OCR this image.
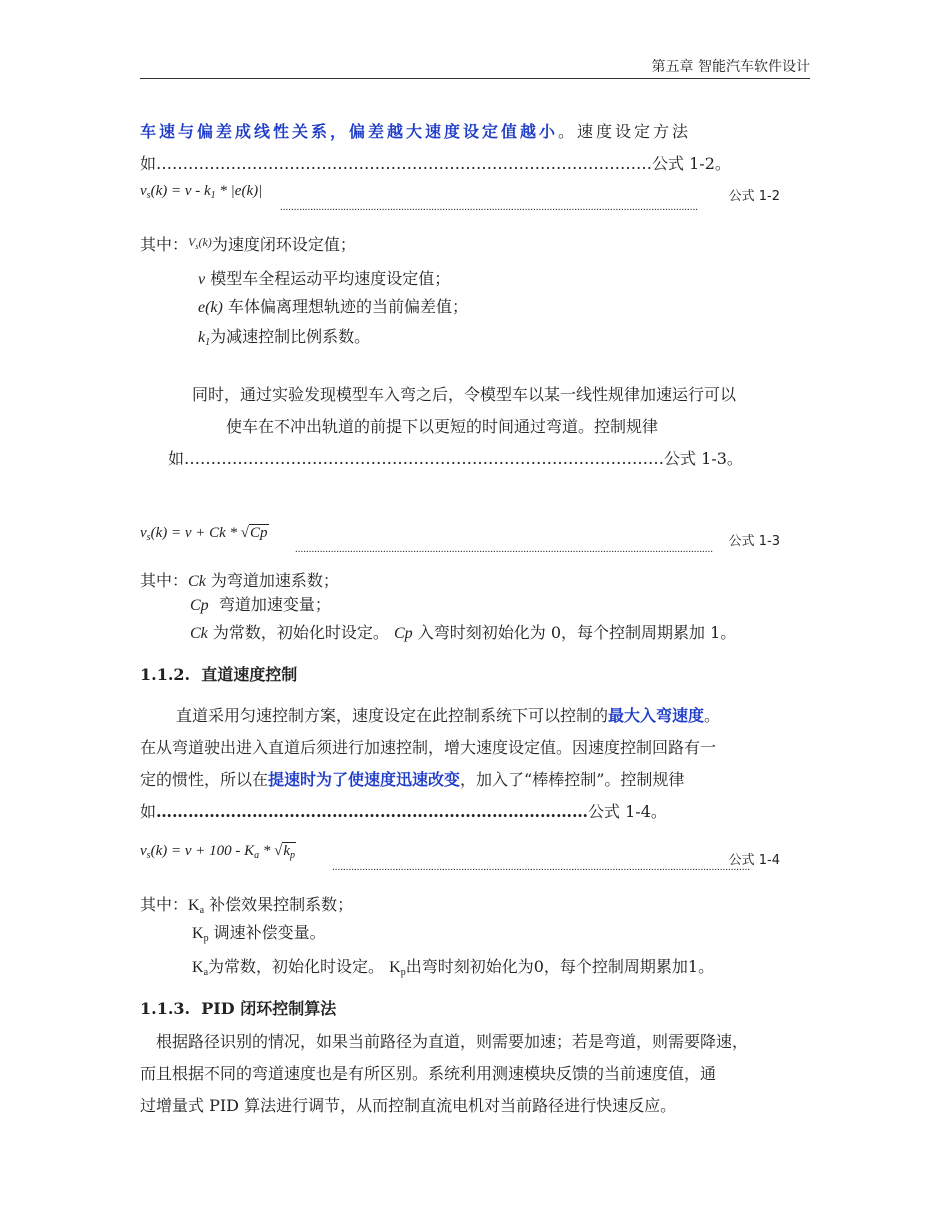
第五章 智能汽车软件设计
车速与偏差成线性关系，偏差越大速度设定值越小。速度设定方法
如…………………………………………………………………………………公式 1-2。
$v_s(k) = v - k_1 * |e(k)|$
........................................................................................................................................................
公式 1-2
其中：$^{V_s(k)}$为速度闭环设定值；
v 模型车全程运动平均速度设定值；
e(k) 车体偏离理想轨迹的当前偏差值；
$k_1$为减速控制比例系数。
同时，通过实验发现模型车入弯之后，令模型车以某一线性规律加速运行可以
使车在不冲出轨道的前提下以更短的时间通过弯道。控制规律
如………………………………………………………………………………公式 1-3。
$v_s(k) = v + Ck * √Cp$
........................................................................................................................................................ 公式 1-3
其中：Ck 为弯道加速系数；
Cp 弯道加速变量；
Ck 为常数，初始化时设定。 Cp 入弯时刻初始化为 0，每个控制周期累加 1。
1.1.2. 直道速度控制
直道采用匀速控制方案，速度设定在此控制系统下可以控制的最大入弯速度。
在从弯道驶出进入直道后须进行加速控制，增大速度设定值。因速度控制回路有一
定的惯性，所以在提速时为了使速度迅速改变，加入了“棒棒控制”。控制规律
如………………………………………………………………………公式 1-4。
$v_s(k) = v + 100 - K_a * √k_p$
........................................................................................................................................................
公式 1-4
其中：$K_a$ 补偿效果控制系数；
$K_p$ 调速补偿变量。
$K_a$为常数，初始化时设定。 $K_p$出弯时刻初始化为0，每个控制周期累加1。
1.1.3. PID 闭环控制算法
根据路径识别的情况，如果当前路径为直道，则需要加速；若是弯道，则需要降速，
而且根据不同的弯道速度也是有所区别。系统利用测速模块反馈的当前速度值，通
过增量式 PID 算法进行调节，从而控制直流电机对当前路径进行快速反应。
